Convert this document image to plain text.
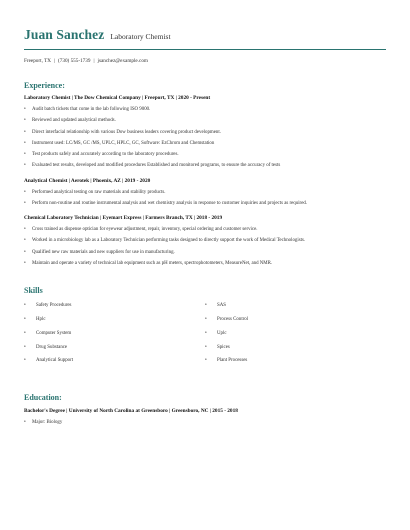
Juan Sanchez Laboratory Chemist
Freeport, TX | (730) 555-1739 | jsanchez@example.com
Experience:
Laboratory Chemist | The Dow Chemical Company | Freeport, TX | 2020 - Present
• Audit batch tickets that come in the lab following ISO 9000.
• Reviewed and updated analytical methods.
• Direct interfacial relationship with various Dow business leaders covering product development.
• Instrument used: LC/MS, GC /MS, UPLC, HPLC, GC, Software: EzChrom and Chemstation
• Test products safely and accurately according to the laboratory procedures.
• Evaluated test results, developed and modified procedures Established and monitored programs, to ensure the accuracy of tests
Analytical Chemist | Aerotek | Phoenix, AZ | 2019 - 2020
• Performed analytical testing on raw materials and stability products.
• Perform non-routine and routine instrumental analysis and wet chemistry analysis in response to customer inquiries and projects as required.
Chemical Laboratory Technician | Eyemart Express | Farmers Branch, TX | 2018 - 2019
• Cross trained as dispense optician for eyewear adjustment, repair, inventory, special ordering and customer service.
• Worked in a microbiology lab as a Laboratory Technician performing tasks designed to directly support the work of Medical Technologists.
• Qualified new raw materials and new suppliers for use in manufacturing.
• Maintain and operate a variety of technical lab equipment such as pH meters, spectrophotometers, MeasureNet, and NMR.
Skills
• Safety Procedures
• Hplc
• Computer System
• Drug Substance
• Analytical Support
• SAS
• Process Control
• Uplc
• Spices
• Plant Processes
Education:
Bachelor's Degree | University of North Carolina at Greensboro | Greensboro, NC | 2015 - 2018
• Major: Biology
